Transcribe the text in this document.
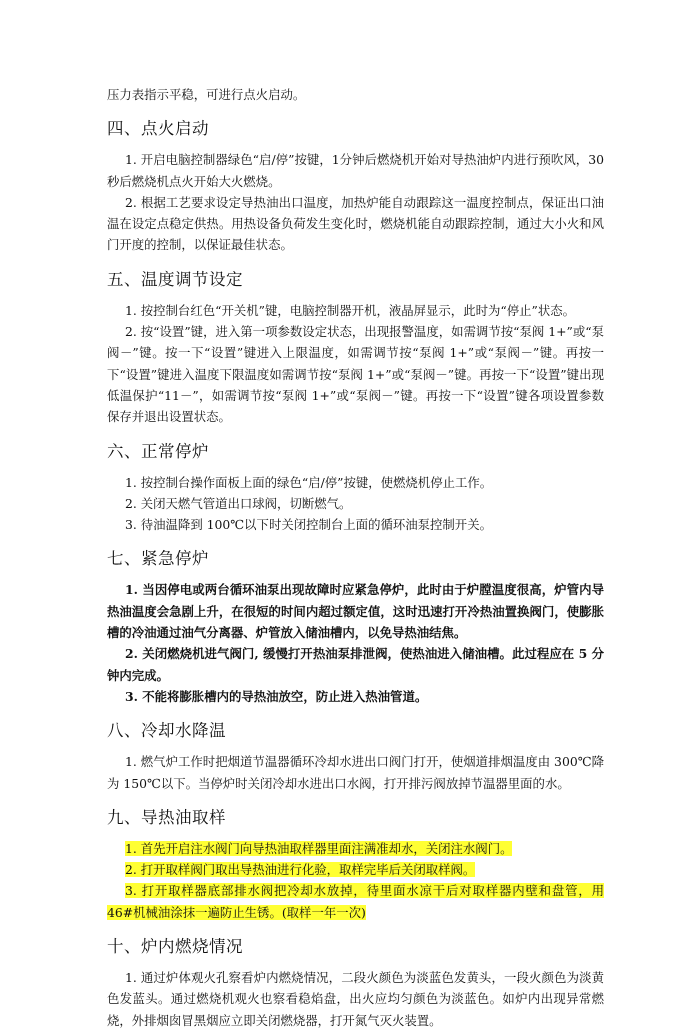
压力表指示平稳，可进行点火启动。

四、点火启动

1. 开启电脑控制器绿色“启/停”按键，1分钟后燃烧机开始对导热油炉内进行预吹风，30秒后燃烧机点火开始大火燃烧。

2. 根据工艺要求设定导热油出口温度，加热炉能自动跟踪这一温度控制点，保证出口油温在设定点稳定供热。用热设备负荷发生变化时，燃烧机能自动跟踪控制，通过大小火和风门开度的控制，以保证最佳状态。

五、温度调节设定

1. 按控制台红色“开关机”键，电脑控制器开机，液晶屏显示，此时为“停止”状态。

2. 按“设置”键，进入第一项参数设定状态，出现报警温度，如需调节按“泵阀 1+”或“泵阀－”键。按一下“设置”键进入上限温度，如需调节按“泵阀 1+”或“泵阀－”键。再按一下“设置”键进入温度下限温度如需调节按“泵阀 1+”或“泵阀－”键。再按一下“设置”键出现低温保护“11－”，如需调节按“泵阀 1+”或“泵阀－”键。再按一下“设置”键各项设置参数保存并退出设置状态。

六、正常停炉

1. 按控制台操作面板上面的绿色“启/停”按键，使燃烧机停止工作。

2. 关闭天燃气管道出口球阀，切断燃气。

3. 待油温降到 100℃以下时关闭控制台上面的循环油泵控制开关。

七、紧急停炉

1. 当因停电或两台循环油泵出现故障时应紧急停炉，此时由于炉膛温度很高，炉管内导热油温度会急剧上升，在很短的时间内超过额定值，这时迅速打开冷热油置换阀门，使膨胀槽的冷油通过油气分离器、炉管放入储油槽内，以免导热油结焦。

2. 关闭燃烧机进气阀门, 缓慢打开热油泵排泄阀，使热油进入储油槽。此过程应在 5 分钟内完成。

3. 不能将膨胀槽内的导热油放空，防止进入热油管道。

八、冷却水降温

1. 燃气炉工作时把烟道节温器循环冷却水进出口阀门打开，使烟道排烟温度由 300℃降为 150℃以下。当停炉时关闭冷却水进出口水阀，打开排污阀放掉节温器里面的水。

九、导热油取样

1. 首先开启注水阀门向导热油取样器里面注满准却水，关闭注水阀门。

2. 打开取样阀门取出导热油进行化验，取样完毕后关闭取样阀。

3. 打开取样器底部排水阀把冷却水放掉，待里面水凉干后对取样器内壁和盘管，用 46#机械油涂抹一遍防止生锈。(取样一年一次)

十、炉内燃烧情况

1. 通过炉体观火孔察看炉内燃烧情况，二段火颜色为淡蓝色发黄头，一段火颜色为淡黄色发蓝头。通过燃烧机观火也察看稳焰盘，出火应均匀颜色为淡蓝色。如炉内出现异常燃烧，外排烟囱冒黑烟应立即关闭燃烧器，打开氮气灭火装置。
